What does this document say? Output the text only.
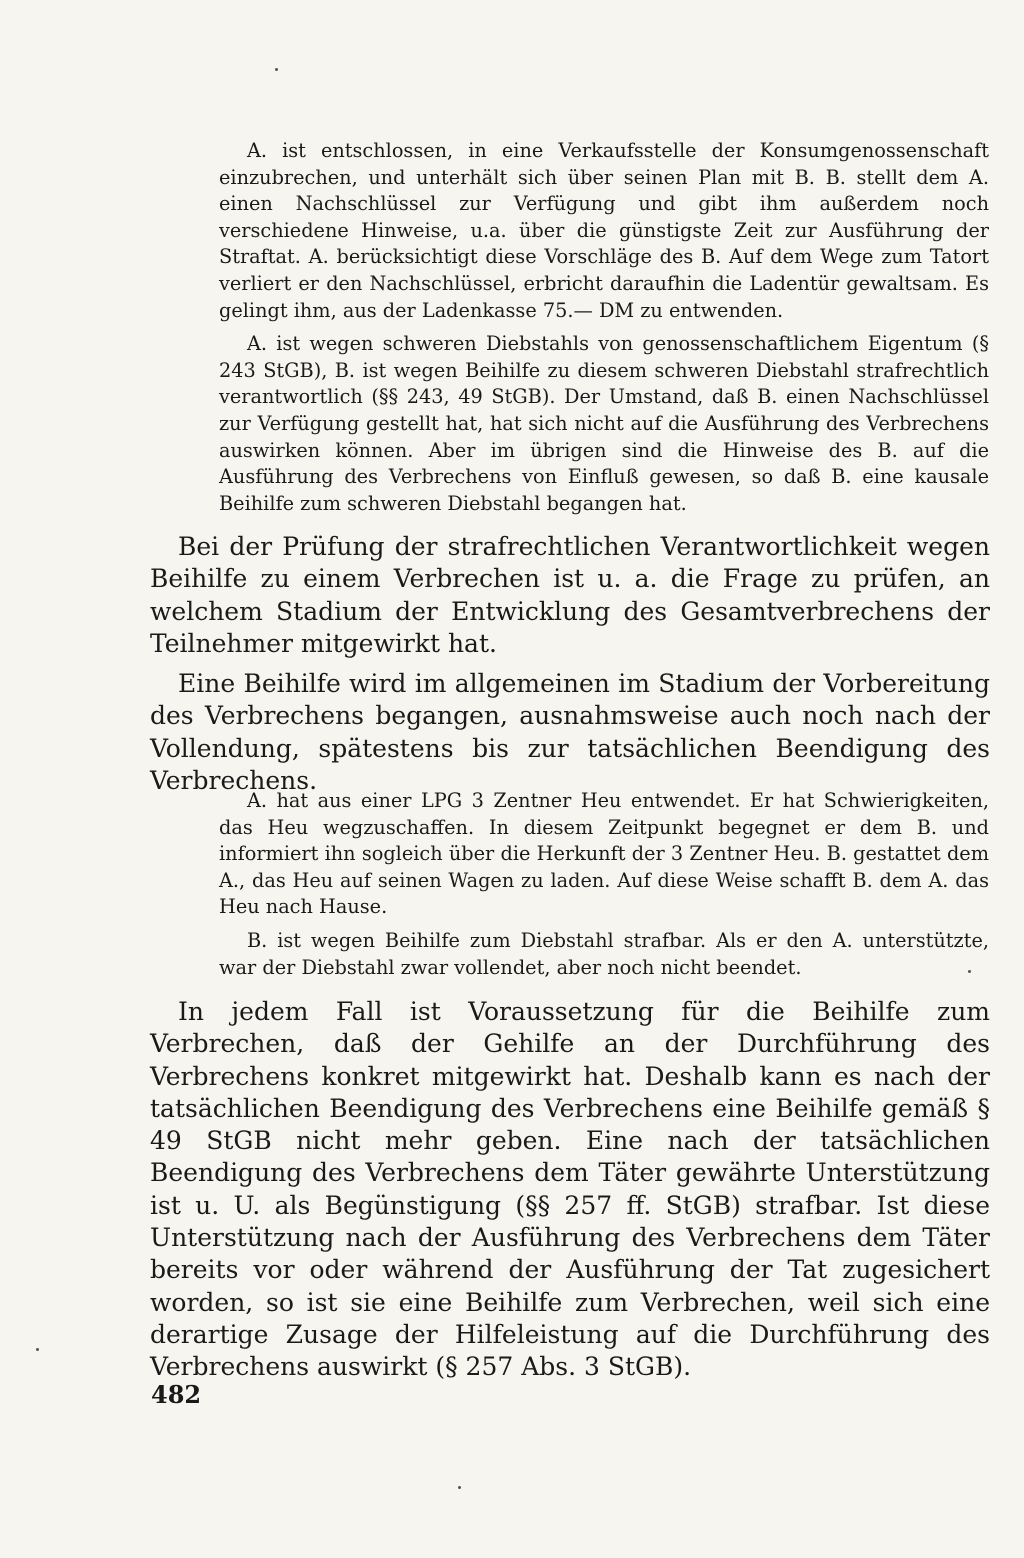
A. ist entschlossen, in eine Verkaufsstelle der Konsumgenossenschaft einzubrechen, und unterhält sich über seinen Plan mit B. B. stellt dem A. einen Nachschlüssel zur Verfügung und gibt ihm außerdem noch verschiedene Hinweise, u.a. über die günstigste Zeit zur Ausführung der Straftat. A. berücksichtigt diese Vorschläge des B. Auf dem Wege zum Tatort verliert er den Nachschlüssel, erbricht daraufhin die Ladentür gewaltsam. Es gelingt ihm, aus der Ladenkasse 75.— DM zu entwenden.

A. ist wegen schweren Diebstahls von genossenschaftlichem Eigentum (§ 243 StGB), B. ist wegen Beihilfe zu diesem schweren Diebstahl strafrechtlich verantwortlich (§§ 243, 49 StGB). Der Umstand, daß B. einen Nachschlüssel zur Verfügung gestellt hat, hat sich nicht auf die Ausführung des Verbrechens auswirken können. Aber im übrigen sind die Hinweise des B. auf die Ausführung des Verbrechens von Einfluß gewesen, so daß B. eine kausale Beihilfe zum schweren Diebstahl begangen hat.

Bei der Prüfung der strafrechtlichen Verantwortlichkeit wegen Beihilfe zu einem Verbrechen ist u. a. die Frage zu prüfen, an welchem Stadium der Entwicklung des Gesamtverbrechens der Teilnehmer mitgewirkt hat.

Eine Beihilfe wird im allgemeinen im Stadium der Vorbereitung des Verbrechens begangen, ausnahmsweise auch noch nach der Vollendung, spätestens bis zur tatsächlichen Beendigung des Verbrechens.

A. hat aus einer LPG 3 Zentner Heu entwendet. Er hat Schwierigkeiten, das Heu wegzuschaffen. In diesem Zeitpunkt begegnet er dem B. und informiert ihn sogleich über die Herkunft der 3 Zentner Heu. B. gestattet dem A., das Heu auf seinen Wagen zu laden. Auf diese Weise schafft B. dem A. das Heu nach Hause.

B. ist wegen Beihilfe zum Diebstahl strafbar. Als er den A. unterstützte, war der Diebstahl zwar vollendet, aber noch nicht beendet.

In jedem Fall ist Voraussetzung für die Beihilfe zum Verbrechen, daß der Gehilfe an der Durchführung des Verbrechens konkret mitgewirkt hat. Deshalb kann es nach der tatsächlichen Beendigung des Verbrechens eine Beihilfe gemäß § 49 StGB nicht mehr geben. Eine nach der tatsächlichen Beendigung des Verbrechens dem Täter gewährte Unterstützung ist u. U. als Begünstigung (§§ 257 ff. StGB) strafbar. Ist diese Unterstützung nach der Ausführung des Verbrechens dem Täter bereits vor oder während der Ausführung der Tat zugesichert worden, so ist sie eine Beihilfe zum Verbrechen, weil sich eine derartige Zusage der Hilfeleistung auf die Durchführung des Verbrechens auswirkt (§ 257 Abs. 3 StGB).

482
